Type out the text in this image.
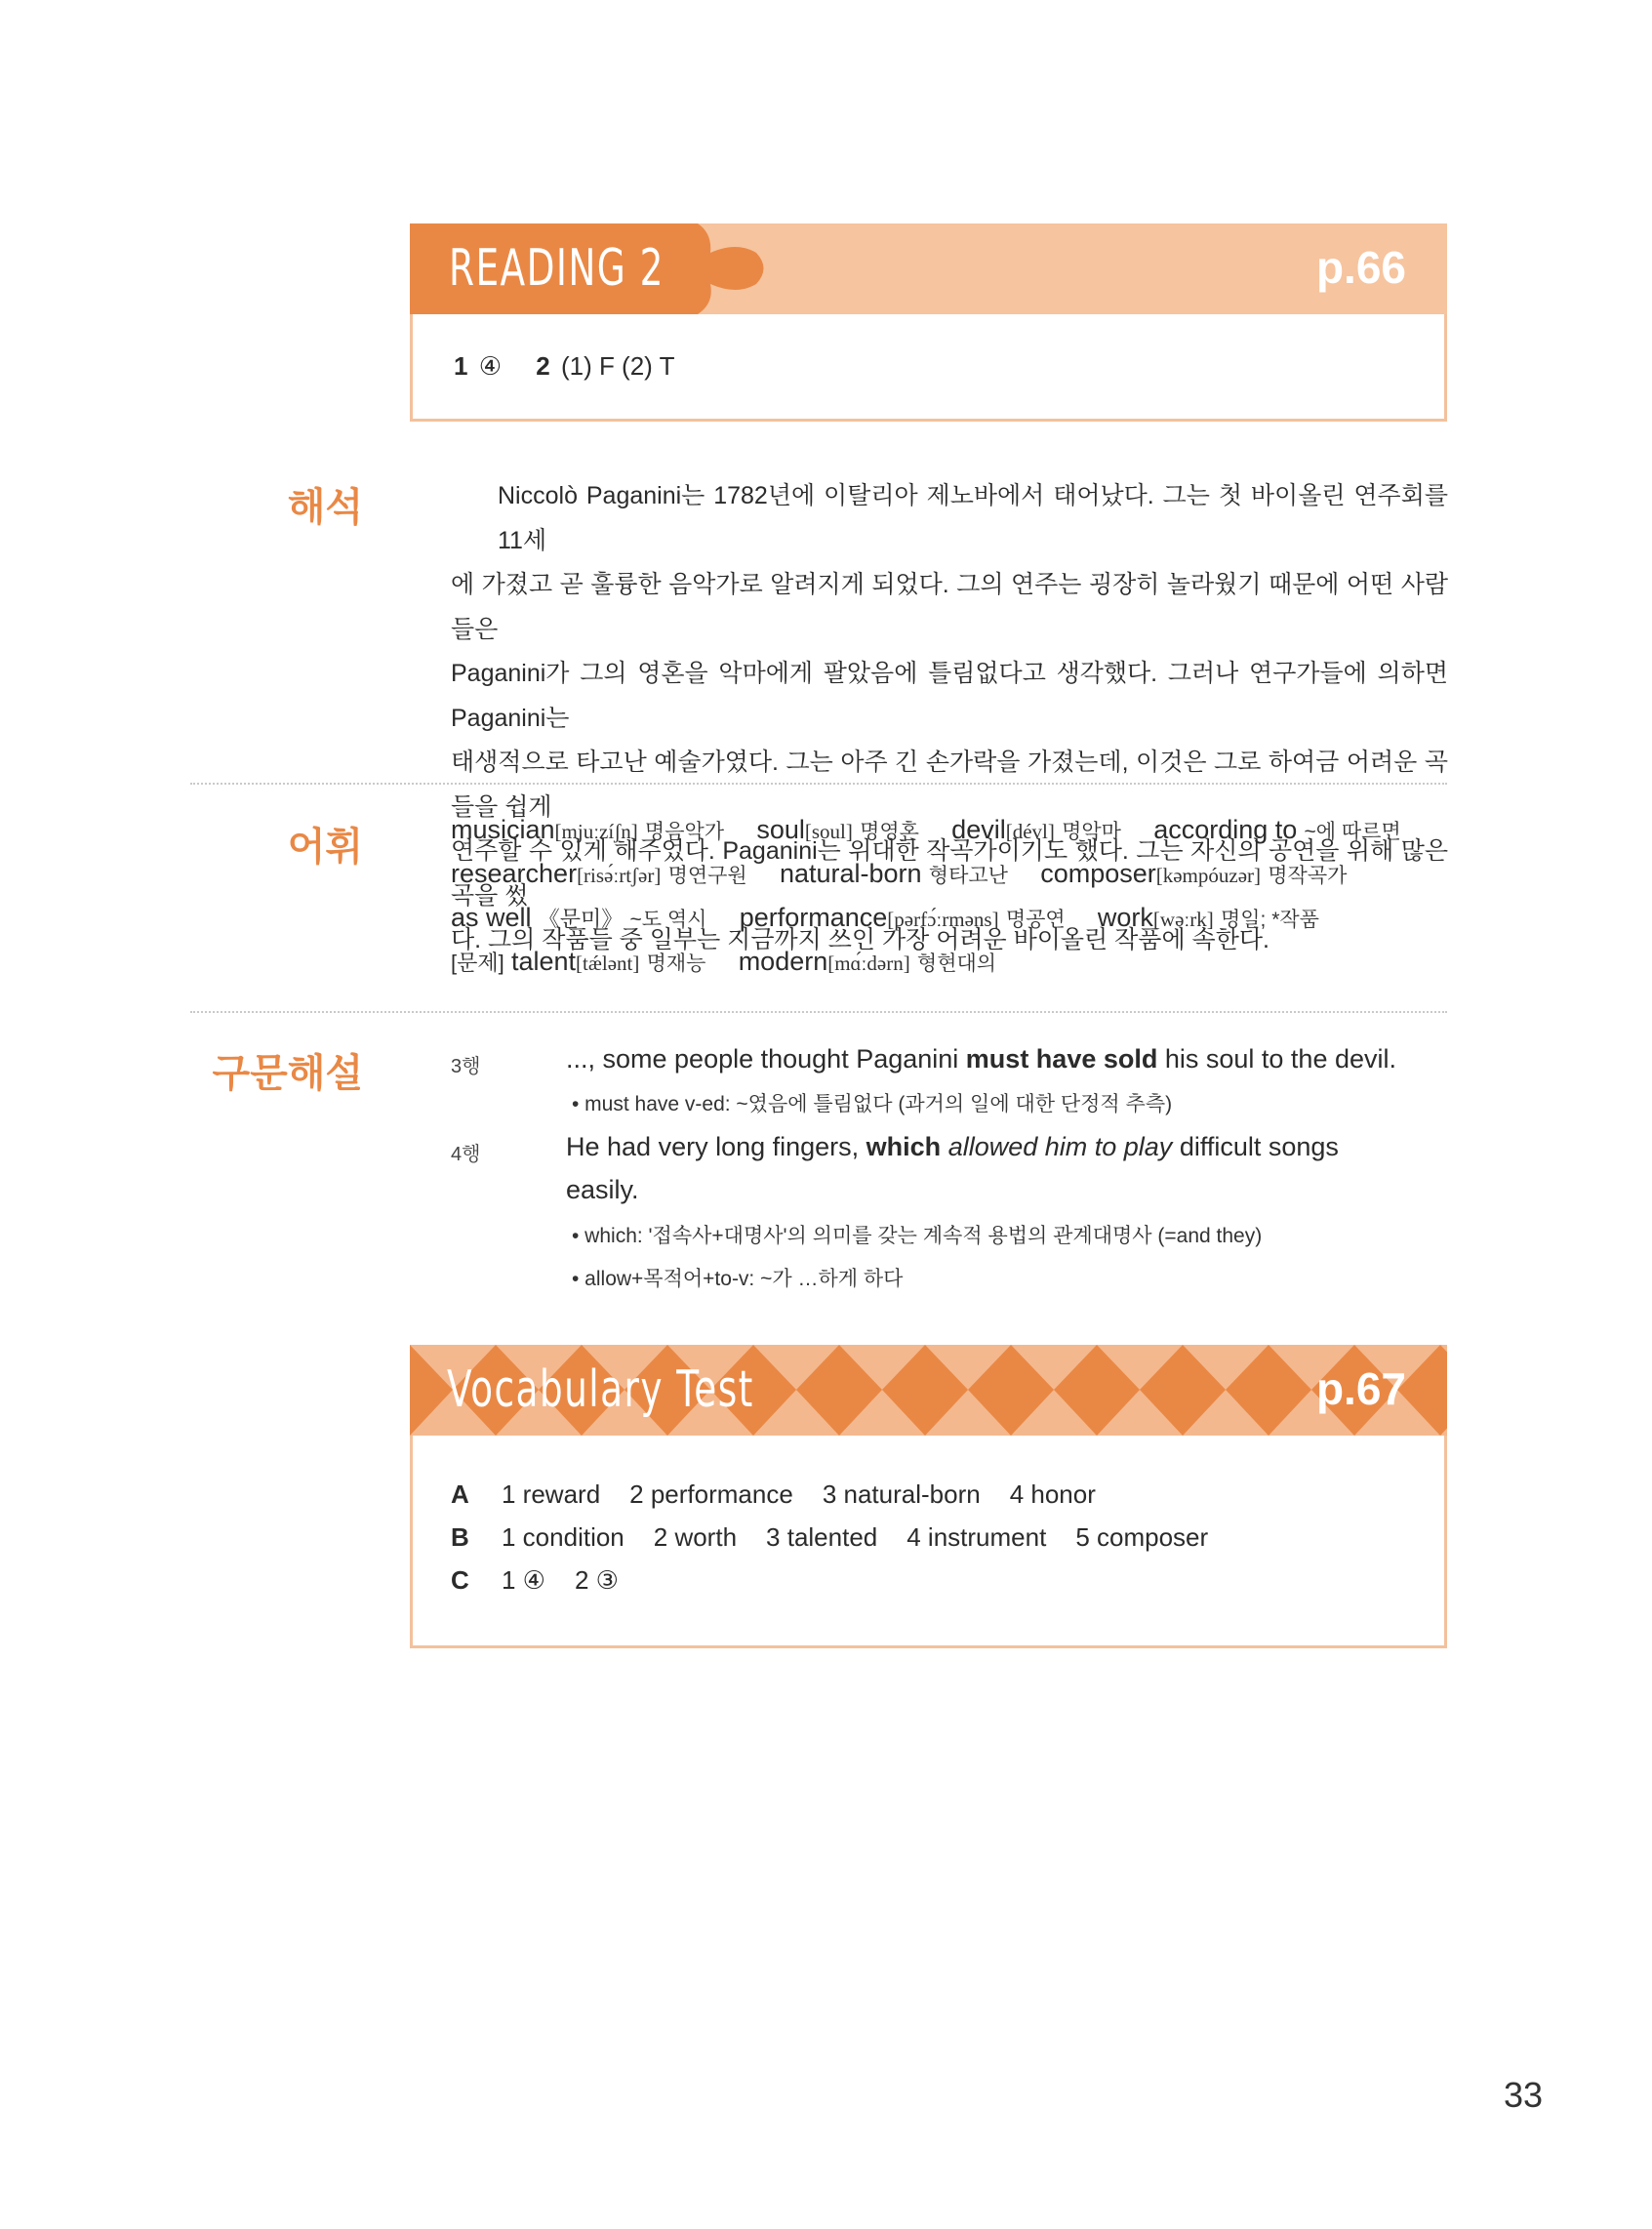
READING 2	p.66
1 ④ 2 (1) F (2) T
해석	Niccolò Paganini는 1782년에 이탈리아 제노바에서 태어났다. 그는 첫 바이올린 연주회를 11세
에 가졌고 곧 훌륭한 음악가로 알려지게 되었다. 그의 연주는 굉장히 놀라웠기 때문에 어떤 사람들은
Paganini가 그의 영혼을 악마에게 팔았음에 틀림없다고 생각했다. 그러나 연구가들에 의하면 Paganini는
태생적으로 타고난 예술가였다. 그는 아주 긴 손가락을 가졌는데, 이것은 그로 하여금 어려운 곡들을 쉽게
연주할 수 있게 해주었다. Paganini는 위대한 작곡가이기도 했다. 그는 자신의 공연을 위해 많은 곡을 썼
다. 그의 작품들 중 일부는 지금까지 쓰인 가장 어려운 바이올린 작품에 속한다.
어휘	musician[mjuːzíʃn] 명음악가 soul[soul] 명영혼 devil[dévl] 명악마 according to ~에 따르면
researcher[risə́ːrtʃər] 명연구원 natural-born 형타고난 composer[kəmpóuzər] 명작곡가
as well 《문미》 ~도 역시 performance[pərfɔ́ːrməns] 명공연 work[wəːrk] 명일; *작품
[문제] talent[tǽlənt] 명재능 modern[mɑ́ːdərn] 형현대의
구문해설	3행	..., some people thought Paganini must have sold his soul to the devil.
• must have v-ed: ~였음에 틀림없다 (과거의 일에 대한 단정적 추측)
4행	He had very long fingers, which allowed him to play difficult songs
easily.
• which: '접속사+대명사'의 의미를 갖는 계속적 용법의 관계대명사 (=and they)
• allow+목적어+to-v: ~가 …하게 하다
Vocabulary Test	p.67
A 1 reward 2 performance 3 natural-born 4 honor
B 1 condition 2 worth 3 talented 4 instrument 5 composer
C 1 ④ 2 ③
33
